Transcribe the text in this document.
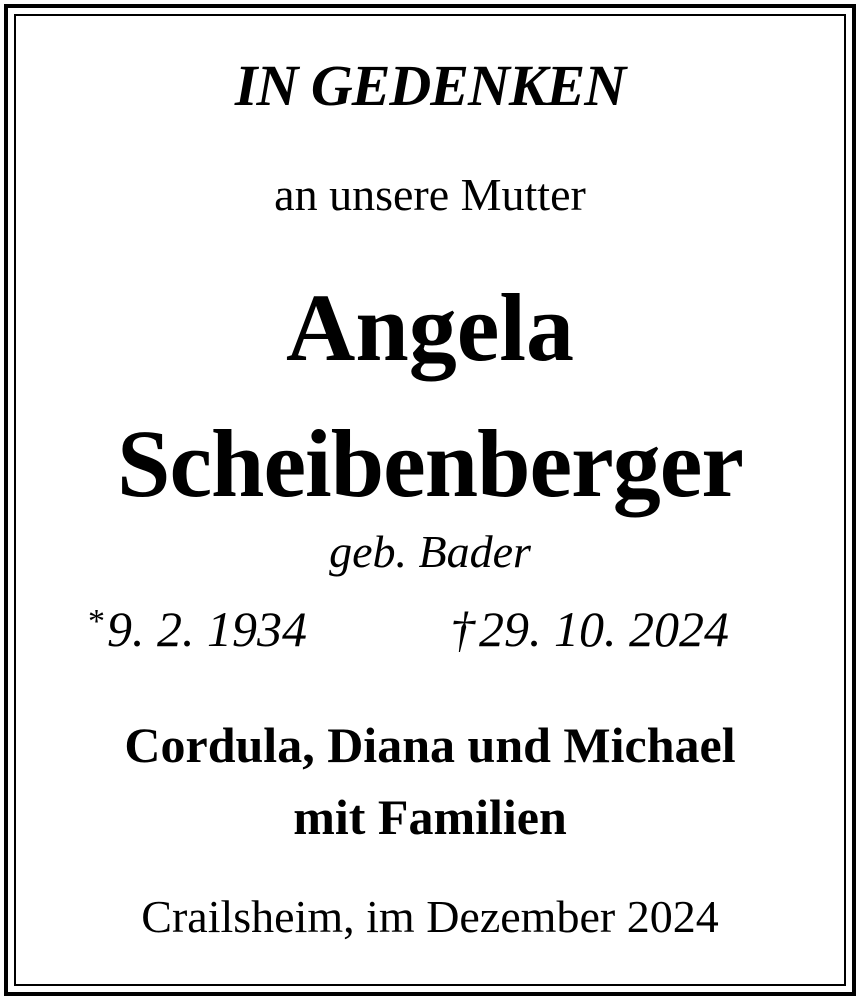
IN GEDENKEN
an unsere Mutter
Angela
Scheibenberger
geb. Bader
*9. 2. 1934	†29. 10. 2024
Cordula, Diana und Michael
mit Familien
Crailsheim, im Dezember 2024
